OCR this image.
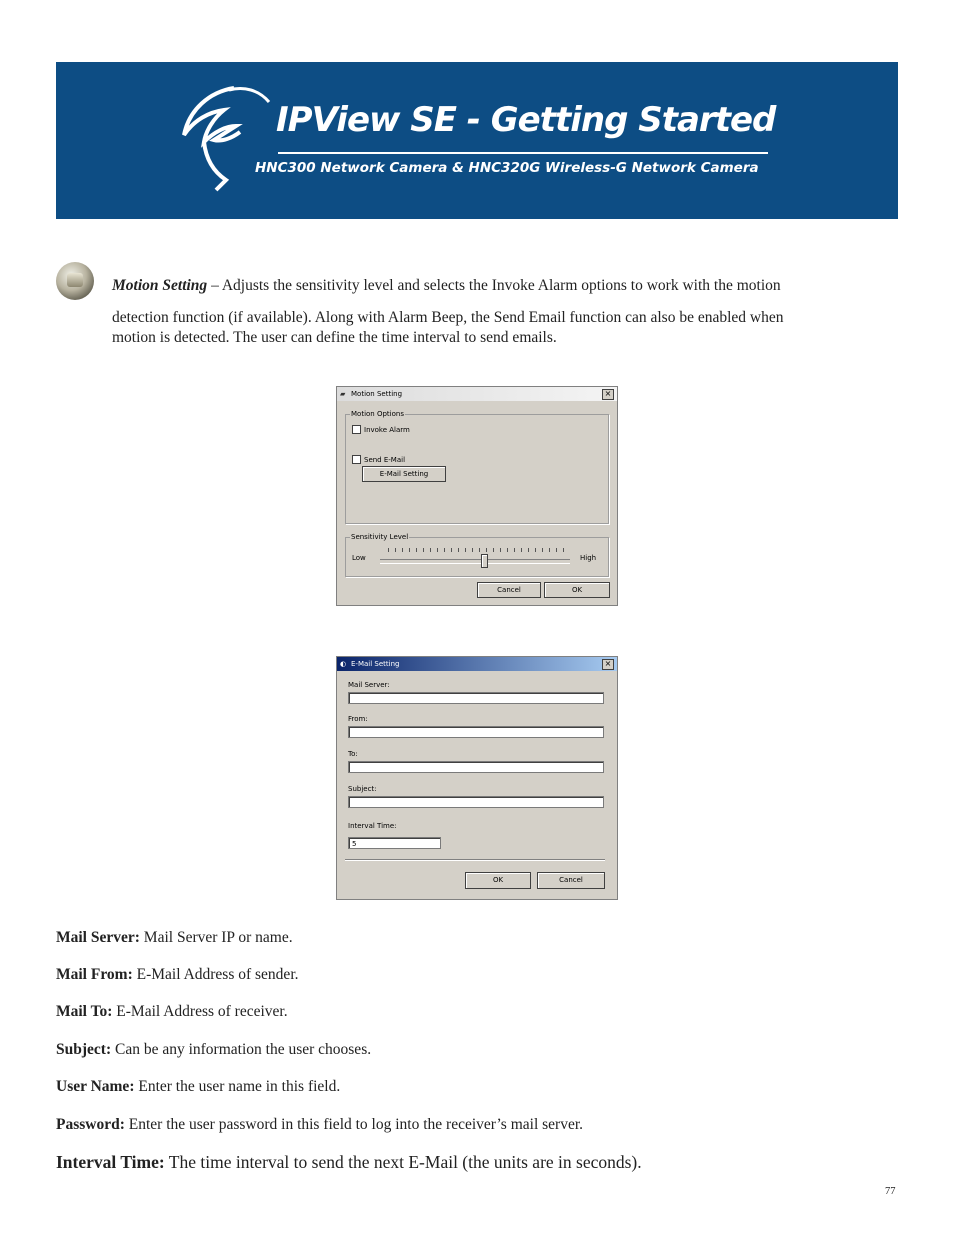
IPView SE - Getting Started
HNC300 Network Camera & HNC320G Wireless-G Network Camera
Motion Setting – Adjusts the sensitivity level and selects the Invoke Alarm options to work with the motion
detection function (if available). Along with Alarm Beep, the Send Email function can also be enabled when
motion is detected. The user can define the time interval to send emails.
▰ Motion Setting	×
Motion Options
Invoke Alarm
Send E-Mail
E-Mail Setting
Sensitivity Level
Low	High
Cancel	OK
◐ E-Mail Setting	×
Mail Server:
From:
To:
Subject:
Interval Time:
5
OK	Cancel
Mail Server: Mail Server IP or name.
Mail From: E-Mail Address of sender.
Mail To: E-Mail Address of receiver.
Subject: Can be any information the user chooses.
User Name: Enter the user name in this field.
Password: Enter the user password in this field to log into the receiver’s mail server.
Interval Time: The time interval to send the next E-Mail (the units are in seconds).
77
